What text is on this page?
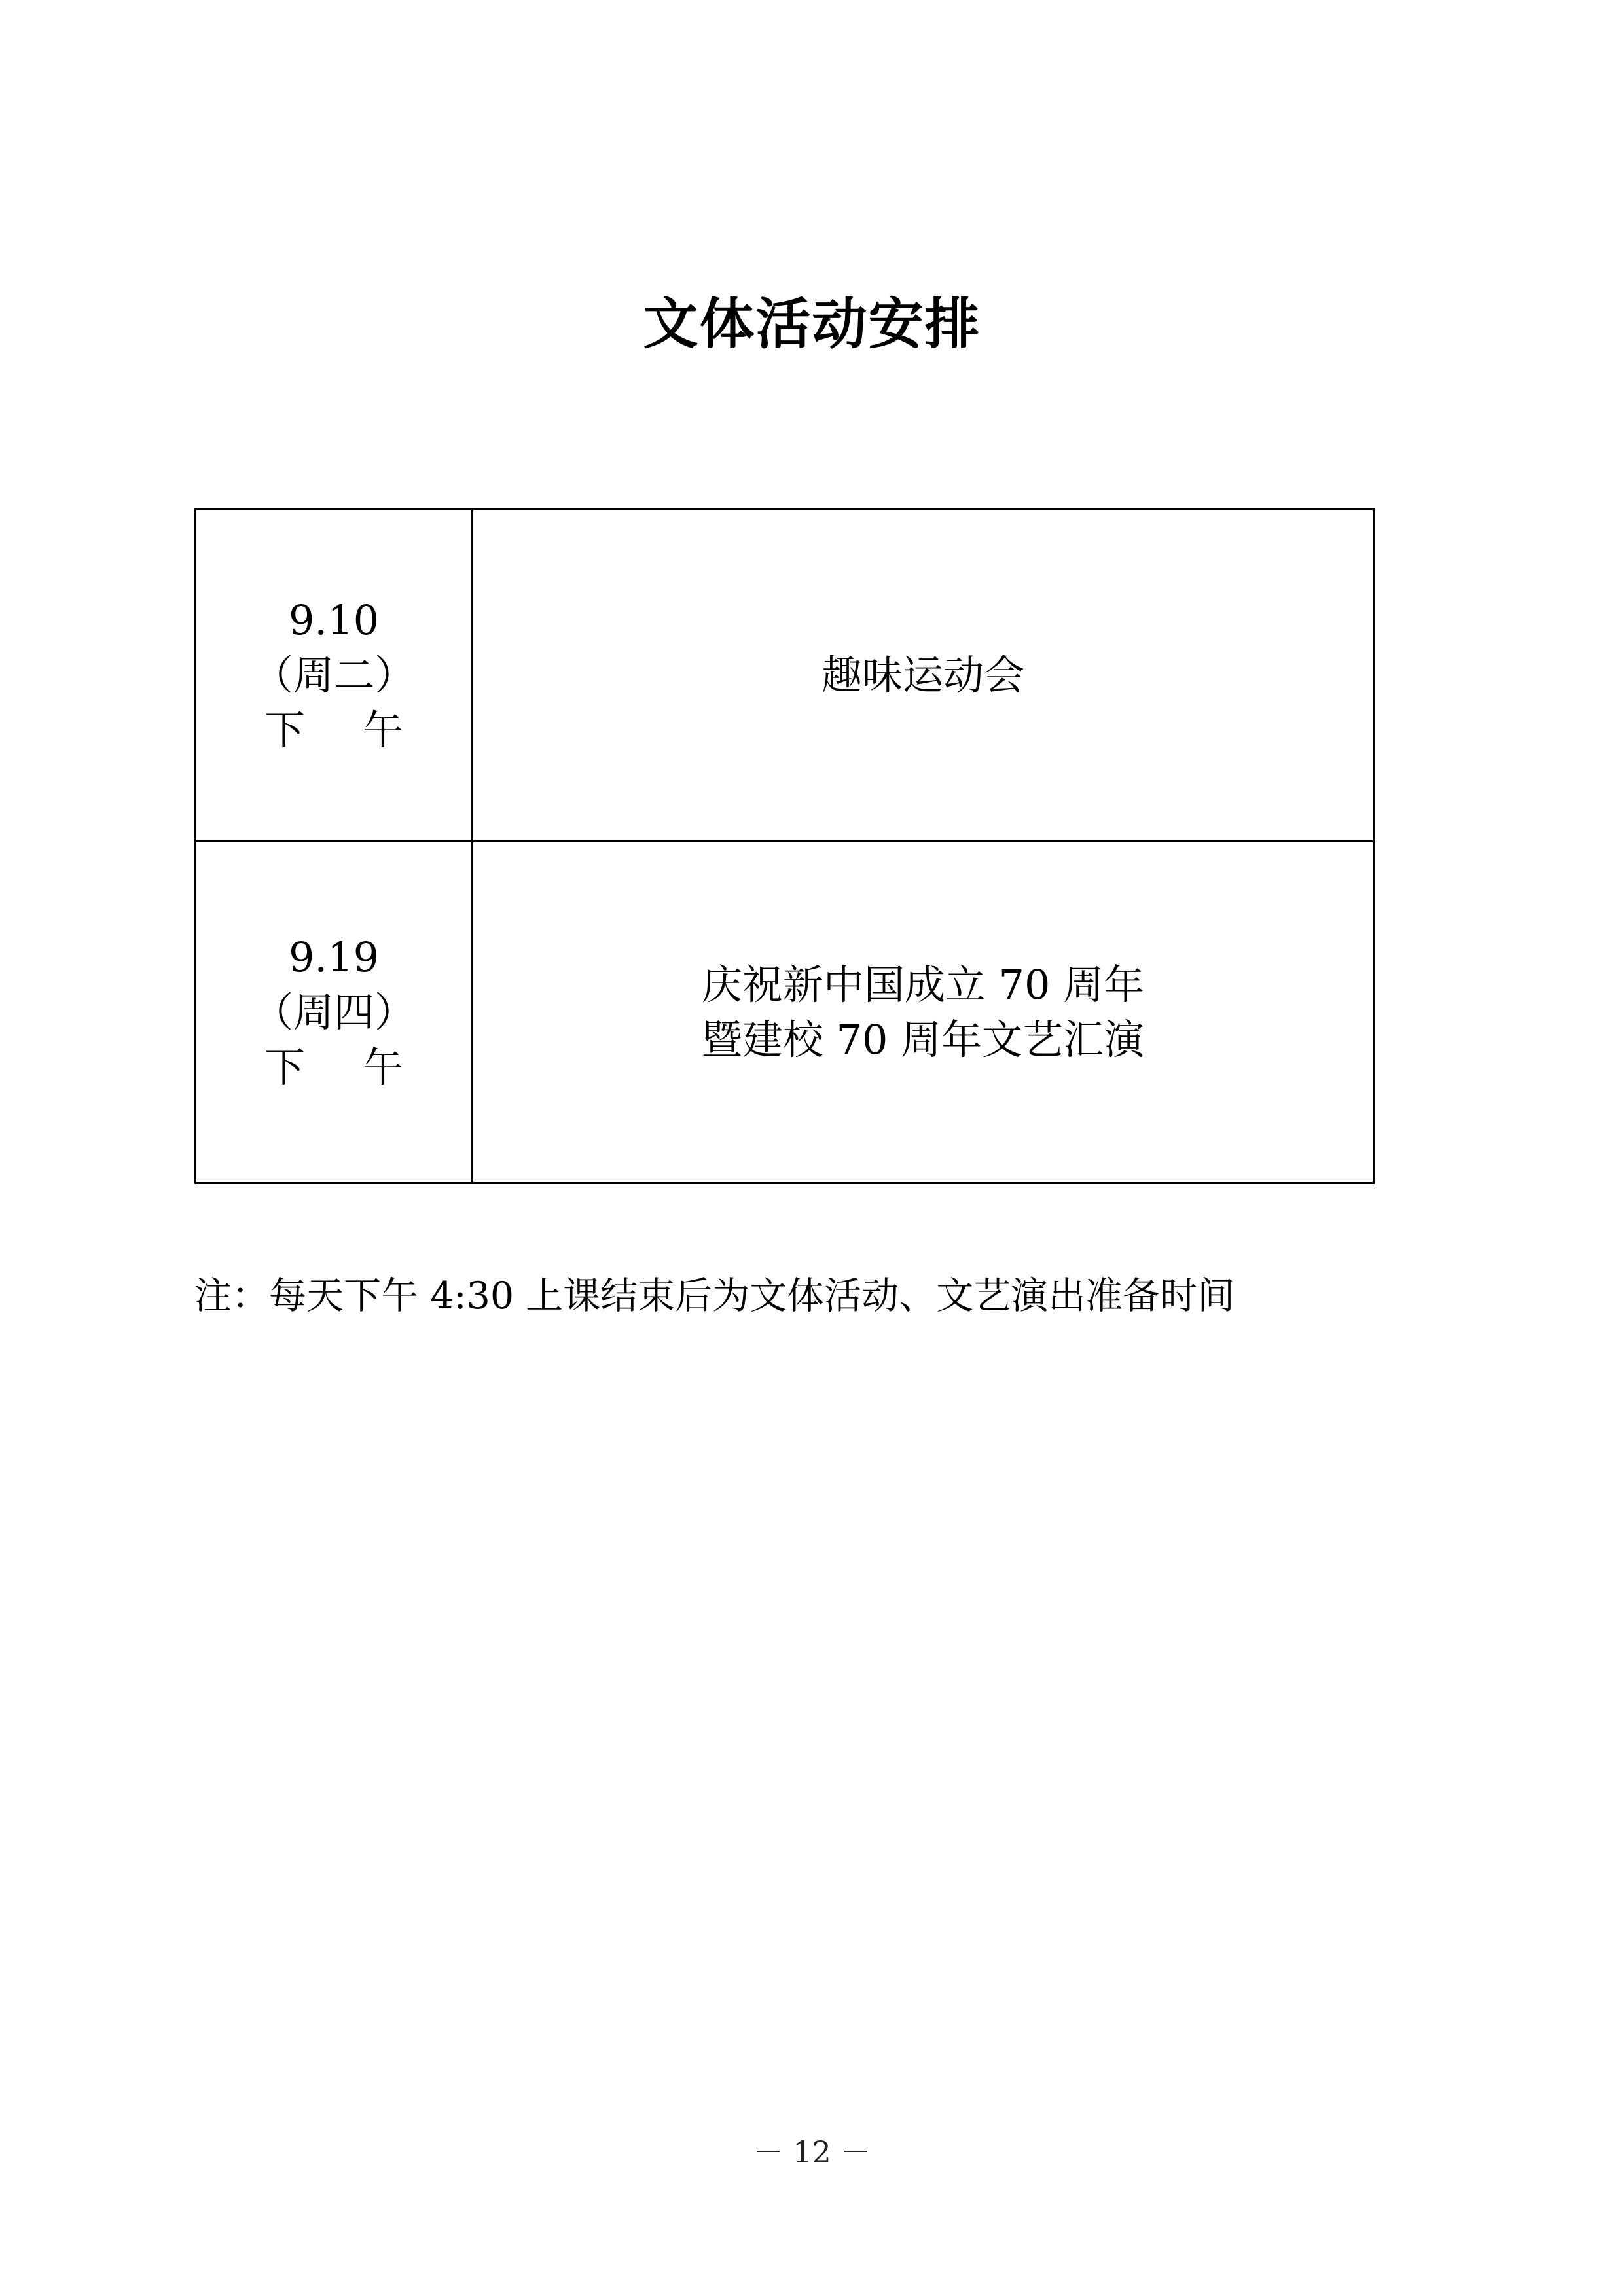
文体活动安排
9.10
（周二）
下午	趣味运动会

9.19
（周四）
下午	庆祝新中国成立 70 周年
暨建校 70 周年文艺汇演
注：每天下午 4:30 上课结束后为文体活动、文艺演出准备时间
－ 12 －
